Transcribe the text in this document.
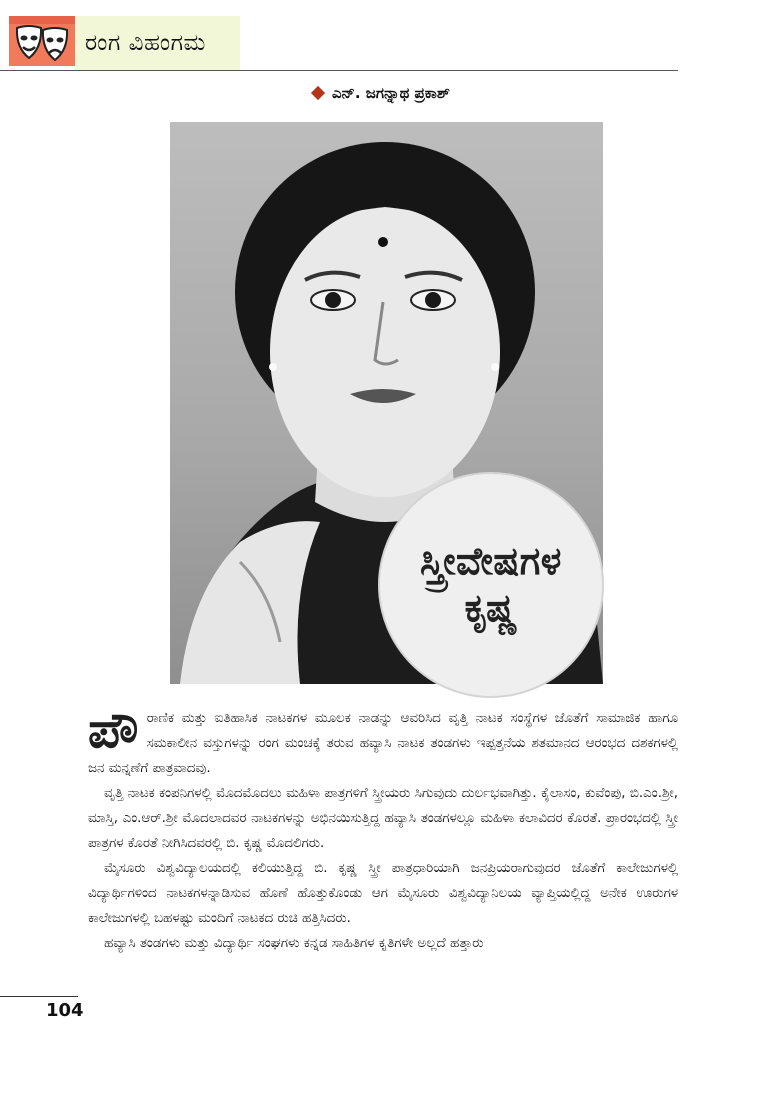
ರಂಗ ವಿಹಂಗಮ
ಎನ್. ಜಗನ್ನಾಥ ಪ್ರಕಾಶ್
ಸ್ತ್ರೀವೇಷಗಳ
ಕೃಷ್ಣ

ಪೌರಾಣಿಕ ಮತ್ತು ಐತಿಹಾಸಿಕ ನಾಟಕಗಳ ಮೂಲಕ ನಾಡನ್ನು ಆವರಿಸಿದ ವೃತ್ತಿ ನಾಟಕ ಸಂಸ್ಥೆಗಳ ಜೊತೆಗೆ ಸಾಮಾಜಿಕ ಹಾಗೂ ಸಮಕಾಲೀನ ವಸ್ತುಗಳನ್ನು ರಂಗ ಮಂಚಕ್ಕೆ ತರುವ ಹವ್ಯಾಸಿ ನಾಟಕ ತಂಡಗಳು ಇಪ್ಪತ್ತನೆಯ ಶತಮಾನದ ಆರಂಭದ ದಶಕಗಳಲ್ಲಿ ಜನ ಮನ್ನಣೆಗೆ ಪಾತ್ರವಾದವು.

ವೃತ್ತಿ ನಾಟಕ ಕಂಪನಿಗಳಲ್ಲಿ ಮೊದಮೊದಲು ಮಹಿಳಾ ಪಾತ್ರಗಳಿಗೆ ಸ್ತ್ರೀಯರು ಸಿಗುವುದು ದುರ್ಲಭವಾಗಿತ್ತು. ಕೈಲಾಸಂ, ಕುವೆಂಪು, ಬಿ.ಎಂ.ಶ್ರೀ, ಮಾಸ್ತಿ, ಎಂ.ಆರ್.ಶ್ರೀ ಮೊದಲಾದವರ ನಾಟಕಗಳನ್ನು ಅಭಿನಯಿಸುತ್ತಿದ್ದ ಹವ್ಯಾಸಿ ತಂಡಗಳಲ್ಲೂ ಮಹಿಳಾ ಕಲಾವಿದರ ಕೊರತೆ. ಪ್ರಾರಂಭದಲ್ಲಿ ಸ್ತ್ರೀ ಪಾತ್ರಗಳ ಕೊರತೆ ನೀಗಿಸಿದವರಲ್ಲಿ ಬಿ. ಕೃಷ್ಣ ಮೊದಲಿಗರು.

ಮೈಸೂರು ವಿಶ್ವವಿದ್ಯಾಲಯದಲ್ಲಿ ಕಲಿಯುತ್ತಿದ್ದ ಬಿ. ಕೃಷ್ಣ ಸ್ತ್ರೀ ಪಾತ್ರಧಾರಿಯಾಗಿ ಜನಪ್ರಿಯರಾಗುವುದರ ಜೊತೆಗೆ ಕಾಲೇಜುಗಳಲ್ಲಿ ವಿದ್ಯಾರ್ಥಿಗಳಿಂದ ನಾಟಕಗಳನ್ನಾಡಿಸುವ ಹೊಣೆ ಹೊತ್ತುಕೊಂಡು ಆಗ ಮೈಸೂರು ವಿಶ್ವವಿದ್ಯಾನಿಲಯ ವ್ಯಾಪ್ತಿಯಲ್ಲಿದ್ದ ಅನೇಕ ಊರುಗಳ ಕಾಲೇಜುಗಳಲ್ಲಿ ಬಹಳಷ್ಟು ಮಂದಿಗೆ ನಾಟಕದ ರುಚಿ ಹತ್ತಿಸಿದರು.

ಹವ್ಯಾಸಿ ತಂಡಗಳು ಮತ್ತು ವಿದ್ಯಾರ್ಥಿ ಸಂಘಗಳು ಕನ್ನಡ ಸಾಹಿತಿಗಳ ಕೃತಿಗಳೇ ಅಲ್ಲದೆ ಹತ್ತಾರು

104
